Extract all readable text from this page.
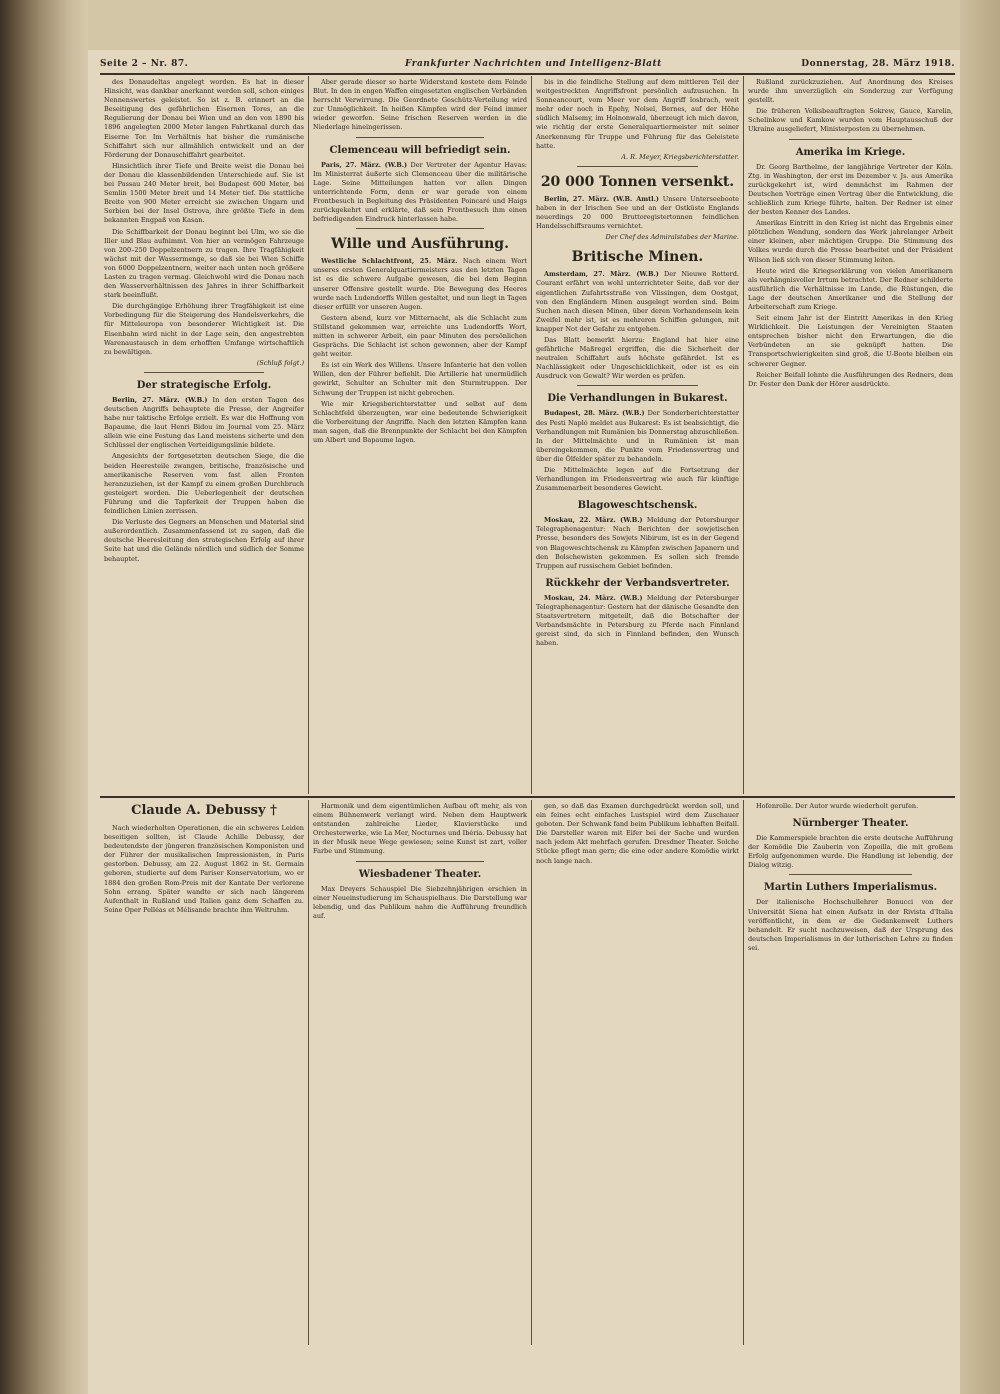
Seite 2 – Nr. 87.	Frankfurter Nachrichten und Intelligenz-Blatt	Donnerstag, 28. März 1918.

des Donaudeltas angelegt worden. Es hat in dieser Hinsicht, was dankbar anerkannt werden soll, schon einiges Nennenswertes geleistet. So ist z. B. erinnert an die Beseitigung des gefährlichen Eisernen Tores, an die Regulierung der Donau bei Wien und an den von 1890 bis 1896 angelegten 2000 Meter langen Fahrtkanal durch das Eiserne Tor. Im Verhältnis hat bisher die rumänische Schiffahrt sich nur allmählich entwickelt und an der Förderung der Donauschiffahrt gearbeitet.

Hinsichtlich ihrer Tiefe und Breite weist die Donau bei der Donau die klassenbildenden Unterschiede auf. Sie ist bei Passau 240 Meter breit, bei Budapest 600 Meter, bei Semlin 1500 Meter breit und 14 Meter tief. Die stattliche Breite von 900 Meter erreicht sie zwischen Ungarn und Serbien bei der Insel Ostrova, ihre größte Tiefe in dem bekannten Engpaß von Kasan.

Die Schiffbarkeit der Donau beginnt bei Ulm, wo sie die Iller und Blau aufnimmt. Von hier an vermögen Fahrzeuge von 200–250 Doppelzentnern zu tragen. Ihre Tragfähigkeit wächst mit der Wassermenge, so daß sie bei Wien Schiffe von 6000 Doppelzentnern, weiter nach unten noch größere Lasten zu tragen vermag. Gleichwohl wird die Donau nach den Wasserverhältnissen des Jahres in ihrer Schiffbarkeit stark beeinflußt.

Die durchgängige Erhöhung ihrer Tragfähigkeit ist eine Vorbedingung für die Steigerung des Handelsverkehrs, die für Mitteleuropa von besonderer Wichtigkeit ist. Die Eisenbahn wird nicht in der Lage sein, den angestrebten Warenaustausch in dem erhofften Umfange wirtschaftlich zu bewältigen.

(Schluß folgt.)
Der strategische Erfolg.

Berlin, 27. März. (W.B.) In den ersten Tagen des deutschen Angriffs behauptete die Presse, der Angreifer habe nur taktische Erfolge erzielt. Es war die Hoffnung von Bapaume, die laut Henri Bidou im Journal vom 25. März allein wie eine Festung das Land meistens sicherte und den Schlüssel der englischen Verteidigungslinie bildete.

Angesichts der fortgesetzten deutschen Siege, die die beiden Heeresteile zwangen, britische, französische und amerikanische Reserven vom fast allen Fronten heranzuziehen, ist der Kampf zu einem großen Durchbruch gesteigert worden. Die Ueberlegenheit der deutschen Führung und die Tapferkeit der Truppen haben die feindlichen Linien zerrissen.

Die Verluste des Gegners an Menschen und Material sind außerordentlich. Zusammenfassend ist zu sagen, daß die deutsche Heeresleitung den strategischen Erfolg auf ihrer Seite hat und die Gelände nördlich und südlich der Somme behauptet.

Aber gerade dieser so harte Widerstand kostete dem Feinde Blut. In den in engen Waffen eingesetzten englischen Verbänden herrscht Verwirrung. Die Geordnete Geschütz-Verteilung wird zur Unmöglichkeit. In heißen Kämpfen wird der Feind immer wieder geworfen. Seine frischen Reserven werden in die Niederlage hineingerissen.

Clemenceau will befriedigt sein.

Paris, 27. März. (W.B.) Der Vertreter der Agentur Havas: Im Ministerrat äußerte sich Clemenceau über die militärische Lage. Seine Mitteilungen hatten vor allen Dingen unterrichtende Form, denn er war gerade von einem Frontbesuch in Begleitung des Präsidenten Poincaré und Haigs zurückgekehrt und erklärte, daß sein Frontbesuch ihm einen befriedigenden Eindruck hinterlassen habe.

Wille und Ausführung.

Westliche Schlachtfront, 25. März. Nach einem Wort unseres ersten Generalquartiermeisters aus den letzten Tagen ist es die schwere Aufgabe gewesen, die bei dem Beginn unserer Offensive gestellt wurde. Die Bewegung des Heeres wurde nach Ludendorffs Willen gestaltet, und nun liegt in Tagen dieser erfüllt vor unseren Augen.

Gestern abend, kurz vor Mitternacht, als die Schlacht zum Stillstand gekommen war, erreichte uns Ludendorffs Wort, mitten in schwerer Arbeit, ein paar Minuten des persönlichen Gesprächs. Die Schlacht ist schon gewonnen, aber der Kampf geht weiter.

Es ist ein Werk des Willens. Unsere Infanterie hat den vollen Willen, den der Führer befiehlt. Die Artillerie hat unermüdlich gewirkt, Schulter an Schulter mit den Sturmtruppen. Der Schwung der Truppen ist nicht gebrochen.

Wie mir Kriegsberichterstatter und selbst auf dem Schlachtfeld überzeugten, war eine bedeutende Schwierigkeit die Vorbereitung der Angriffe. Nach den letzten Kämpfen kann man sagen, daß die Brennpunkte der Schlacht bei den Kämpfen um Albert und Bapaume lagen.

bis in die feindliche Stellung auf dem mittleren Teil der weitgestreckten Angriffsfront persönlich aufzusuchen. In Sonneancourt, vom Meer vor dem Angriff losbrach, weit mehr oder noch in Epehy, Nolsel, Bernes, auf der Höhe südlich Malsemy, im Holnonwald, überzeugt ich mich davon, wie richtig der erste Generalquartiermeister mit seiner Anerkennung für Truppe und Führung für das Geleistete hatte.

A. R. Meyer, Kriegsberichterstatter.
20 000 Tonnen versenkt.

Berlin, 27. März. (W.B. Amtl.) Unsere Unterseeboote haben in der Irischen See und an der Ostküste Englands neuerdings 20 000 Bruttoregistertonnen feindlichen Handelsschiffsraums vernichtet.

Der Chef des Admiralstabes der Marine.
Britische Minen.

Amsterdam, 27. März. (W.B.) Der Nieuwe Rotterd. Courant erfährt von wohl unterrichteter Seite, daß vor der eigentlichen Zufahrtsstraße von Vlissingen, dem Oostgat, von den Engländern Minen ausgelegt worden sind. Beim Suchen nach diesen Minen, über deren Vorhandensein kein Zweifel mehr ist, ist es mehreren Schiffen gelungen, mit knapper Not der Gefahr zu entgehen.

Das Blatt bemerkt hierzu: England hat hier eine gefährliche Maßregel ergriffen, die die Sicherheit der neutralen Schiffahrt aufs höchste gefährdet. Ist es Nachlässigkeit oder Ungeschicklichkeit, oder ist es ein Ausdruck von Gewalt? Wir werden es prüfen.

Die Verhandlungen in Bukarest.

Budapest, 28. März. (W.B.) Der Sonderberichterstatter des Pesti Napló meldet aus Bukarest: Es ist beabsichtigt, die Verhandlungen mit Rumänien bis Donnerstag abzuschließen. In der Mittelmächte und in Rumänien ist man übereingekommen, die Punkte vom Friedensvertrag und über die Ölfelder später zu behandeln.

Die Mittelmächte legen auf die Fortsetzung der Verhandlungen im Friedensvertrag wie auch für künftige Zusammenarbeit besonderes Gewicht.

Blagoweschtschensk.

Moskau, 22. März. (W.B.) Meldung der Petersburger Telegraphenagentur: Nach Berichten der sowjetischen Presse, besonders des Sowjets Nibirum, ist es in der Gegend von Blagoweschtschensk zu Kämpfen zwischen Japanern und den Bolschewisten gekommen. Es sollen sich fremde Truppen auf russischem Gebiet befinden.

Rückkehr der Verbandsvertreter.

Moskau, 24. März. (W.B.) Meldung der Petersburger Telegraphenagentur: Gestern hat der dänische Gesandte den Staatsvertretern mitgeteilt, daß die Botschafter der Verbandsmächte in Petersburg zu Pferde nach Finnland gereist sind, da sich in Finnland befinden, den Wunsch haben.

Rußland zurückzuziehen. Auf Anordnung des Kreises wurde ihm unverzüglich ein Sonderzug zur Verfügung gestellt.

Die früheren Volksbeauftragten Sokrew, Gauce, Karelin, Schelinkow und Kamkow wurden vom Hauptausschuß der Ukraine ausgeliefert, Ministerposten zu übernehmen.

Amerika im Kriege.

Dr. Georg Barthelme, der langjährige Vertreter der Köln. Ztg. in Washington, der erst im Dezember v. Js. aus Amerika zurückgekehrt ist, wird demnächst im Rahmen der Deutschen Vorträge einen Vortrag über die Entwicklung, die schließlich zum Kriege führte, halten. Der Redner ist einer der besten Kenner des Landes.

Amerikas Eintritt in den Krieg ist nicht das Ergebnis einer plötzlichen Wendung, sondern das Werk jahrelanger Arbeit einer kleinen, aber mächtigen Gruppe. Die Stimmung des Volkes wurde durch die Presse bearbeitet und der Präsident Wilson ließ sich von dieser Stimmung leiten.

Heute wird die Kriegserklärung von vielen Amerikanern als verhängnisvoller Irrtum betrachtet. Der Redner schilderte ausführlich die Verhältnisse im Lande, die Rüstungen, die Lage der deutschen Amerikaner und die Stellung der Arbeiterschaft zum Kriege.

Seit einem Jahr ist der Eintritt Amerikas in den Krieg Wirklichkeit. Die Leistungen der Vereinigten Staaten entsprechen bisher nicht den Erwartungen, die die Verbündeten an sie geknüpft hatten. Die Transportschwierigkeiten sind groß, die U-Boote bleiben ein schwerer Gegner.

Reicher Beifall lohnte die Ausführungen des Redners, dem Dr. Fester den Dank der Hörer ausdrückte.

Claude A. Debussy †

Nach wiederholten Operationen, die ein schweres Leiden beseitigen sollten, ist Claude Achille Debussy, der bedeutendste der jüngeren französischen Komponisten und der Führer der musikalischen Impressionisten, in Paris gestorben. Debussy, am 22. August 1862 in St. Germain geboren, studierte auf dem Pariser Konservatorium, wo er 1884 den großen Rom-Preis mit der Kantate Der verlorene Sohn errang. Später wandte er sich nach längerem Aufenthalt in Rußland und Italien ganz dem Schaffen zu. Seine Oper Pelléas et Mélisande brachte ihm Weltruhm.

Harmonik und dem eigentümlichen Aufbau oft mehr, als von einem Bühnenwerk verlangt wird. Neben dem Hauptwerk entstanden zahlreiche Lieder, Klavierstücke und Orchesterwerke, wie La Mer, Nocturnes und Ibéria. Debussy hat in der Musik neue Wege gewiesen; seine Kunst ist zart, voller Farbe und Stimmung.

Wiesbadener Theater.

Max Dreyers Schauspiel Die Siebzehnjährigen erschien in einer Neueinstudierung im Schauspielhaus. Die Darstellung war lebendig, und das Publikum nahm die Aufführung freundlich auf.

gen, so daß das Examen durchgedrückt werden soll, und ein feines echt einfaches Lustspiel wird dem Zuschauer geboten. Der Schwank fand beim Publikum lebhaften Beifall. Die Darsteller waren mit Eifer bei der Sache und wurden nach jedem Akt mehrfach gerufen. Dresdner Theater. Solche Stücke pflegt man gern; die eine oder andere Komödie wirkt noch lange nach.

Hofenrolle. Der Autor wurde wiederholt gerufen.

Nürnberger Theater.

Die Kammerspiele brachten die erste deutsche Aufführung der Komödie Die Zauberin von Zopoilla, die mit großem Erfolg aufgenommen wurde. Die Handlung ist lebendig, der Dialog witzig.

Martin Luthers Imperialismus.

Der italienische Hochschullehrer Bonucci von der Universität Siena hat einen Aufsatz in der Rivista d'Italia veröffentlicht, in dem er die Gedankenwelt Luthers behandelt. Er sucht nachzuweisen, daß der Ursprung des deutschen Imperialismus in der lutherischen Lehre zu finden sei.
